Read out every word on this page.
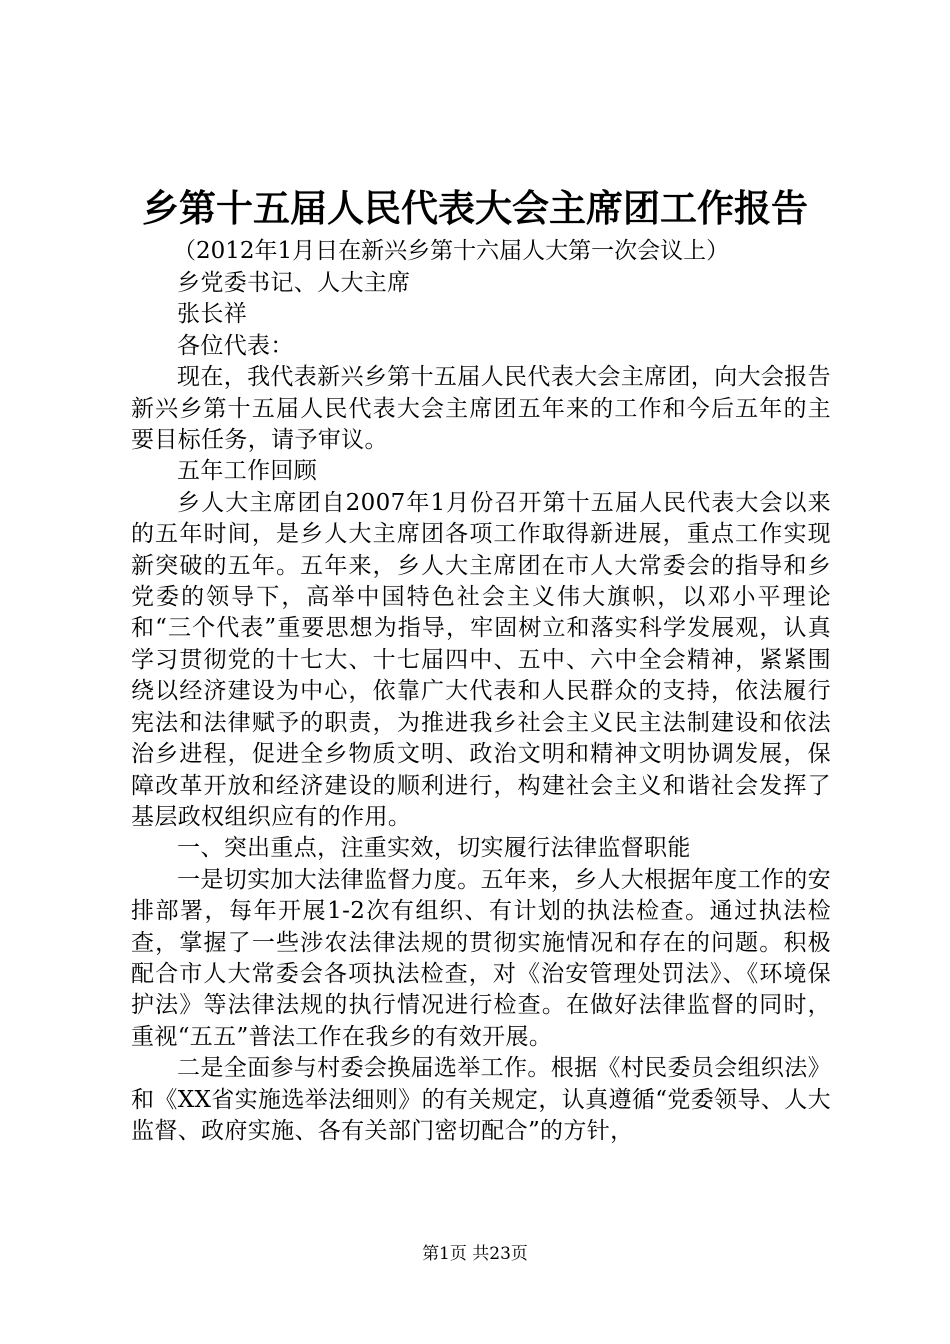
乡第十五届人民代表大会主席团工作报告
（2012年1月日在新兴乡第十六届人大第一次会议上）

乡党委书记、人大主席

张长祥

各位代表：

现在，我代表新兴乡第十五届人民代表大会主席团，向大会报告新兴乡第十五届人民代表大会主席团五年来的工作和今后五年的主要目标任务，请予审议。

五年工作回顾

乡人大主席团自2007年1月份召开第十五届人民代表大会以来的五年时间，是乡人大主席团各项工作取得新进展，重点工作实现新突破的五年。五年来，乡人大主席团在市人大常委会的指导和乡党委的领导下，高举中国特色社会主义伟大旗帜，以邓小平理论和“三个代表”重要思想为指导，牢固树立和落实科学发展观，认真学习贯彻党的十七大、十七届四中、五中、六中全会精神，紧紧围绕以经济建设为中心，依靠广大代表和人民群众的支持，依法履行宪法和法律赋予的职责，为推进我乡社会主义民主法制建设和依法治乡进程，促进全乡物质文明、政治文明和精神文明协调发展，保障改革开放和经济建设的顺利进行，构建社会主义和谐社会发挥了基层政权组织应有的作用。

一、突出重点，注重实效，切实履行法律监督职能

一是切实加大法律监督力度。五年来，乡人大根据年度工作的安排部署，每年开展1-2次有组织、有计划的执法检查。通过执法检查，掌握了一些涉农法律法规的贯彻实施情况和存在的问题。积极配合市人大常委会各项执法检查，对《治安管理处罚法》、《环境保护法》等法律法规的执行情况进行检查。在做好法律监督的同时，重视“五五”普法工作在我乡的有效开展。

二是全面参与村委会换届选举工作。根据《村民委员会组织法》和《XX省实施选举法细则》的有关规定，认真遵循“党委领导、人大监督、政府实施、各有关部门密切配合”的方针，

第1页 共23页
